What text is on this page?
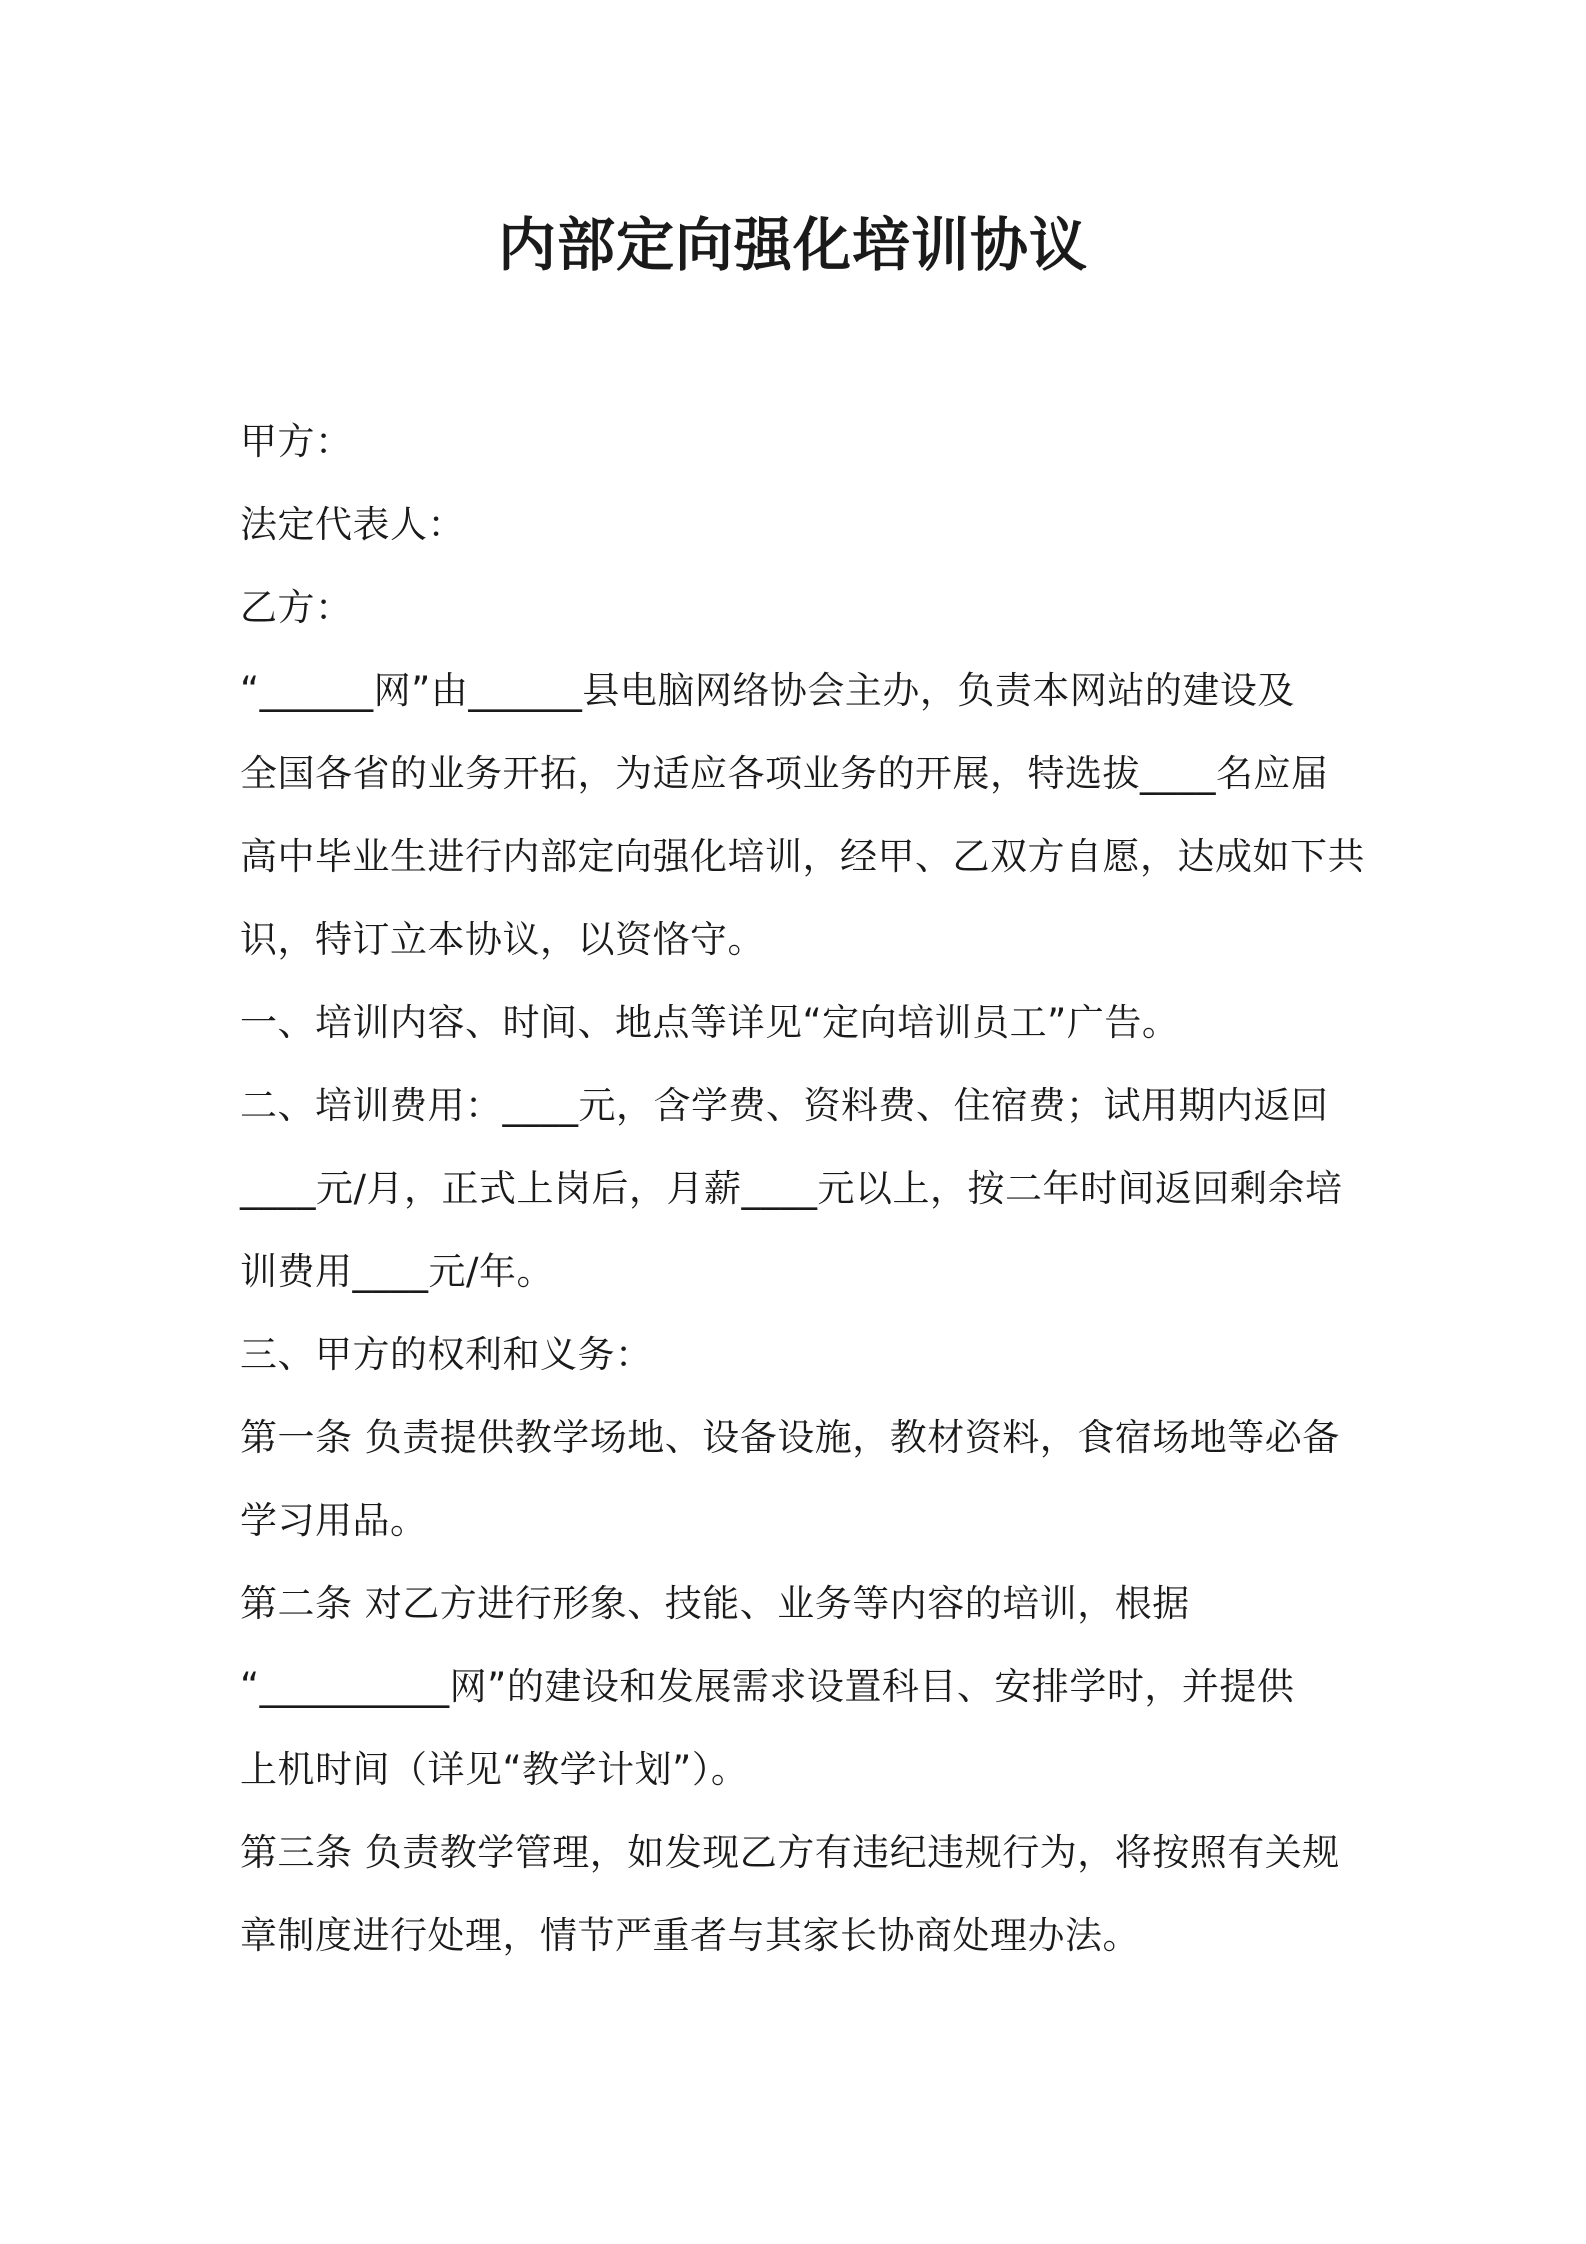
内部定向强化培训协议
甲方：
法定代表人：
乙方：
“______网”由______县电脑网络协会主办，负责本网站的建设及
全国各省的业务开拓，为适应各项业务的开展，特选拔____名应届
高中毕业生进行内部定向强化培训，经甲、乙双方自愿，达成如下共
识，特订立本协议，以资恪守。
一、培训内容、时间、地点等详见“定向培训员工”广告。
二、培训费用：____元，含学费、资料费、住宿费；试用期内返回
____元/月，正式上岗后，月薪____元以上，按二年时间返回剩余培
训费用____元/年。
三、甲方的权利和义务：
第一条 负责提供教学场地、设备设施，教材资料，食宿场地等必备
学习用品。
第二条 对乙方进行形象、技能、业务等内容的培训，根据
“__________网”的建设和发展需求设置科目、安排学时，并提供
上机时间（详见“教学计划”）。
第三条 负责教学管理，如发现乙方有违纪违规行为，将按照有关规
章制度进行处理，情节严重者与其家长协商处理办法。
